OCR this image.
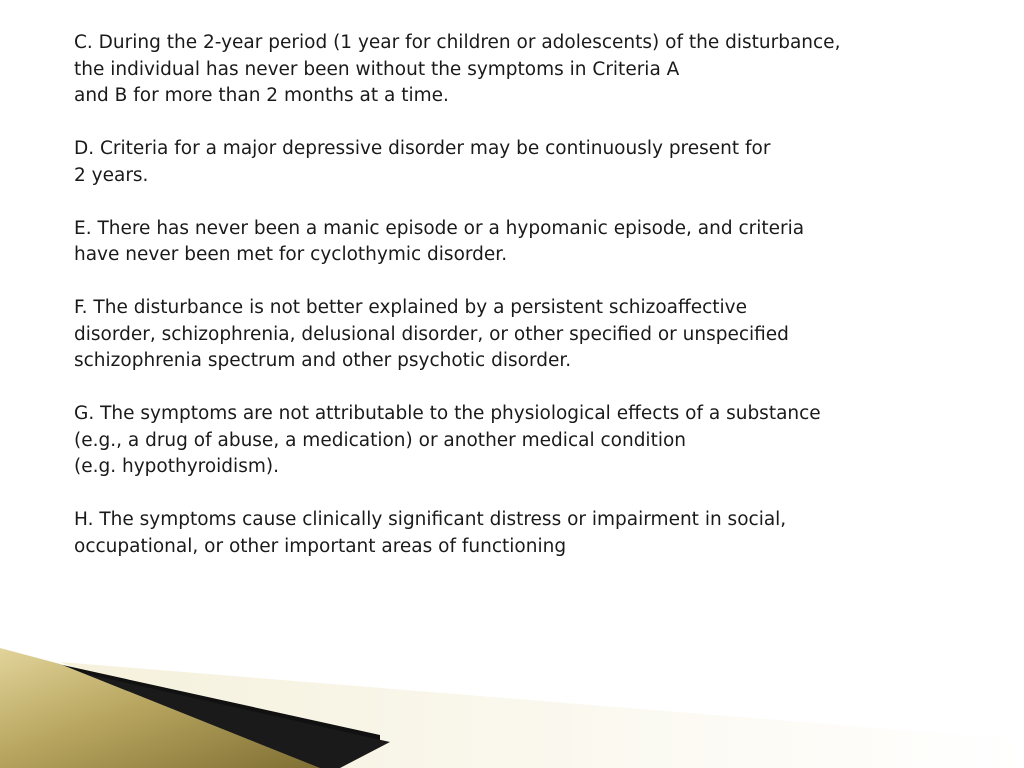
C. During the 2-year period (1 year for children or adolescents) of the disturbance,
the individual has never been without the symptoms in Criteria A
and B for more than 2 months at a time.

D. Criteria for a major depressive disorder may be continuously present for
2 years.

E. There has never been a manic episode or a hypomanic episode, and criteria
have never been met for cyclothymic disorder.

F. The disturbance is not better explained by a persistent schizoaffective
disorder, schizophrenia, delusional disorder, or other specified or unspecified
schizophrenia spectrum and other psychotic disorder.

G. The symptoms are not attributable to the physiological effects of a substance
(e.g., a drug of abuse, a medication) or another medical condition
(e.g. hypothyroidism).

H. The symptoms cause clinically significant distress or impairment in social,
occupational, or other important areas of functioning
